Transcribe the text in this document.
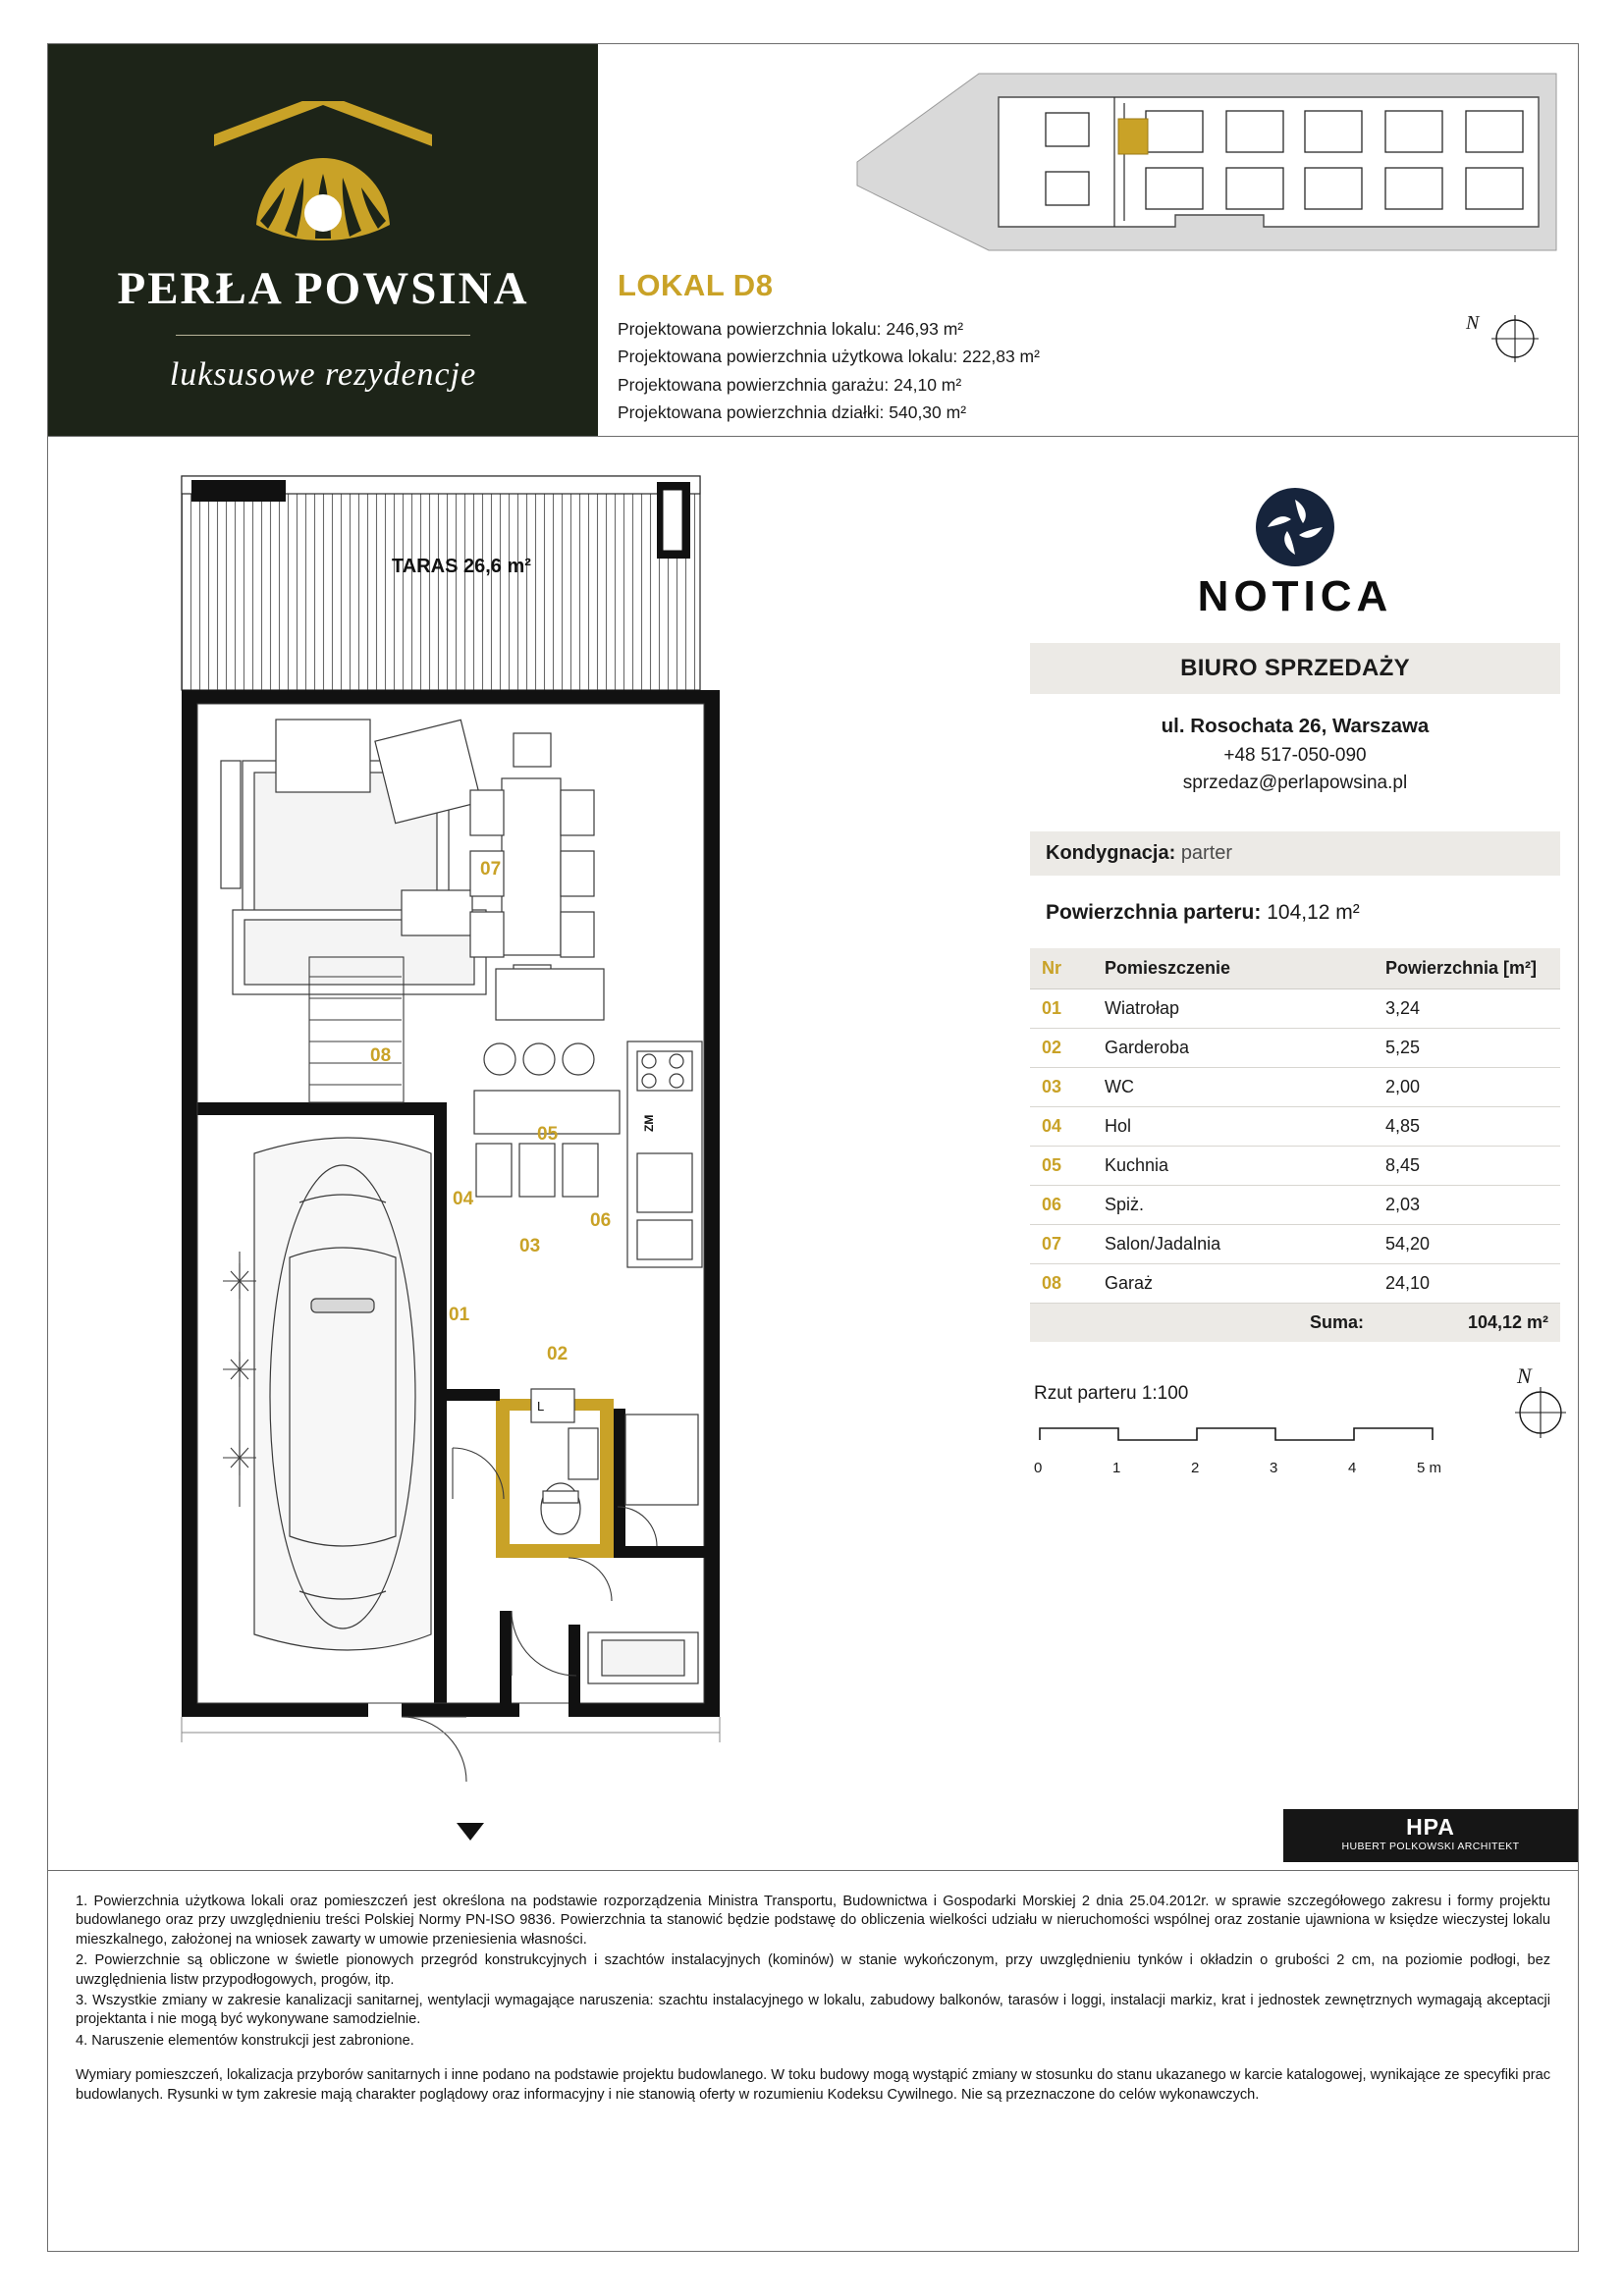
PERŁA POWSINA
luksusowe rezydencje
LOKAL D8
Projektowana powierzchnia lokalu: 246,93 m²
Projektowana powierzchnia użytkowa lokalu: 222,83 m²
Projektowana powierzchnia garażu: 24,10 m²
Projektowana powierzchnia działki: 540,30 m²
N
TARAS 26,6 m²
ZM
L
07
08
05
04
03
06
01
02
NOTICA
BIURO SPRZEDAŻY
ul. Rosochata 26, Warszawa
+48 517-050-090
sprzedaz@perlapowsina.pl
Kondygnacja: parter
Powierzchnia parteru: 104,12 m²
Nr	Pomieszczenie	Powierzchnia [m²]
01	Wiatrołap	3,24
02	Garderoba	5,25
03	WC	2,00
04	Hol	4,85
05	Kuchnia	8,45
06	Spiż.	2,03
07	Salon/Jadalnia	54,20
08	Garaż	24,10
Suma:		104,12 m²
Rzut parteru 1:100
0	1	2	3	4	5 m
N
HPA
HUBERT POLKOWSKI ARCHITEKT

1. Powierzchnia użytkowa lokali oraz pomieszczeń jest określona na podstawie rozporządzenia Ministra Transportu, Budownictwa i Gospodarki Morskiej 2 dnia 25.04.2012r. w sprawie szczegółowego zakresu i formy projektu budowlanego oraz przy uwzględnieniu treści Polskiej Normy PN-ISO 9836. Powierzchnia ta stanowić będzie podstawę do obliczenia wielkości udziału w nieruchomości wspólnej oraz zostanie ujawniona w księdze wieczystej lokalu mieszkalnego, założonej na wniosek zawarty w umowie przeniesienia własności.

2. Powierzchnie są obliczone w świetle pionowych przegród konstrukcyjnych i szachtów instalacyjnych (kominów) w stanie wykończonym, przy uwzględnieniu tynków i okładzin o grubości 2 cm, na poziomie podłogi, bez uwzględnienia listw przypodłogowych, progów, itp.

3. Wszystkie zmiany w zakresie kanalizacji sanitarnej, wentylacji wymagające naruszenia: szachtu instalacyjnego w lokalu, zabudowy balkonów, tarasów i loggi, instalacji markiz, krat i jednostek zewnętrznych wymagają akceptacji projektanta i nie mogą być wykonywane samodzielnie.

4. Naruszenie elementów konstrukcji jest zabronione.

Wymiary pomieszczeń, lokalizacja przyborów sanitarnych i inne podano na podstawie projektu budowlanego. W toku budowy mogą wystąpić zmiany w stosunku do stanu ukazanego w karcie katalogowej, wynikające ze specyfiki prac budowlanych. Rysunki w tym zakresie mają charakter poglądowy oraz informacyjny i nie stanowią oferty w rozumieniu Kodeksu Cywilnego. Nie są przeznaczone do celów wykonawczych.
